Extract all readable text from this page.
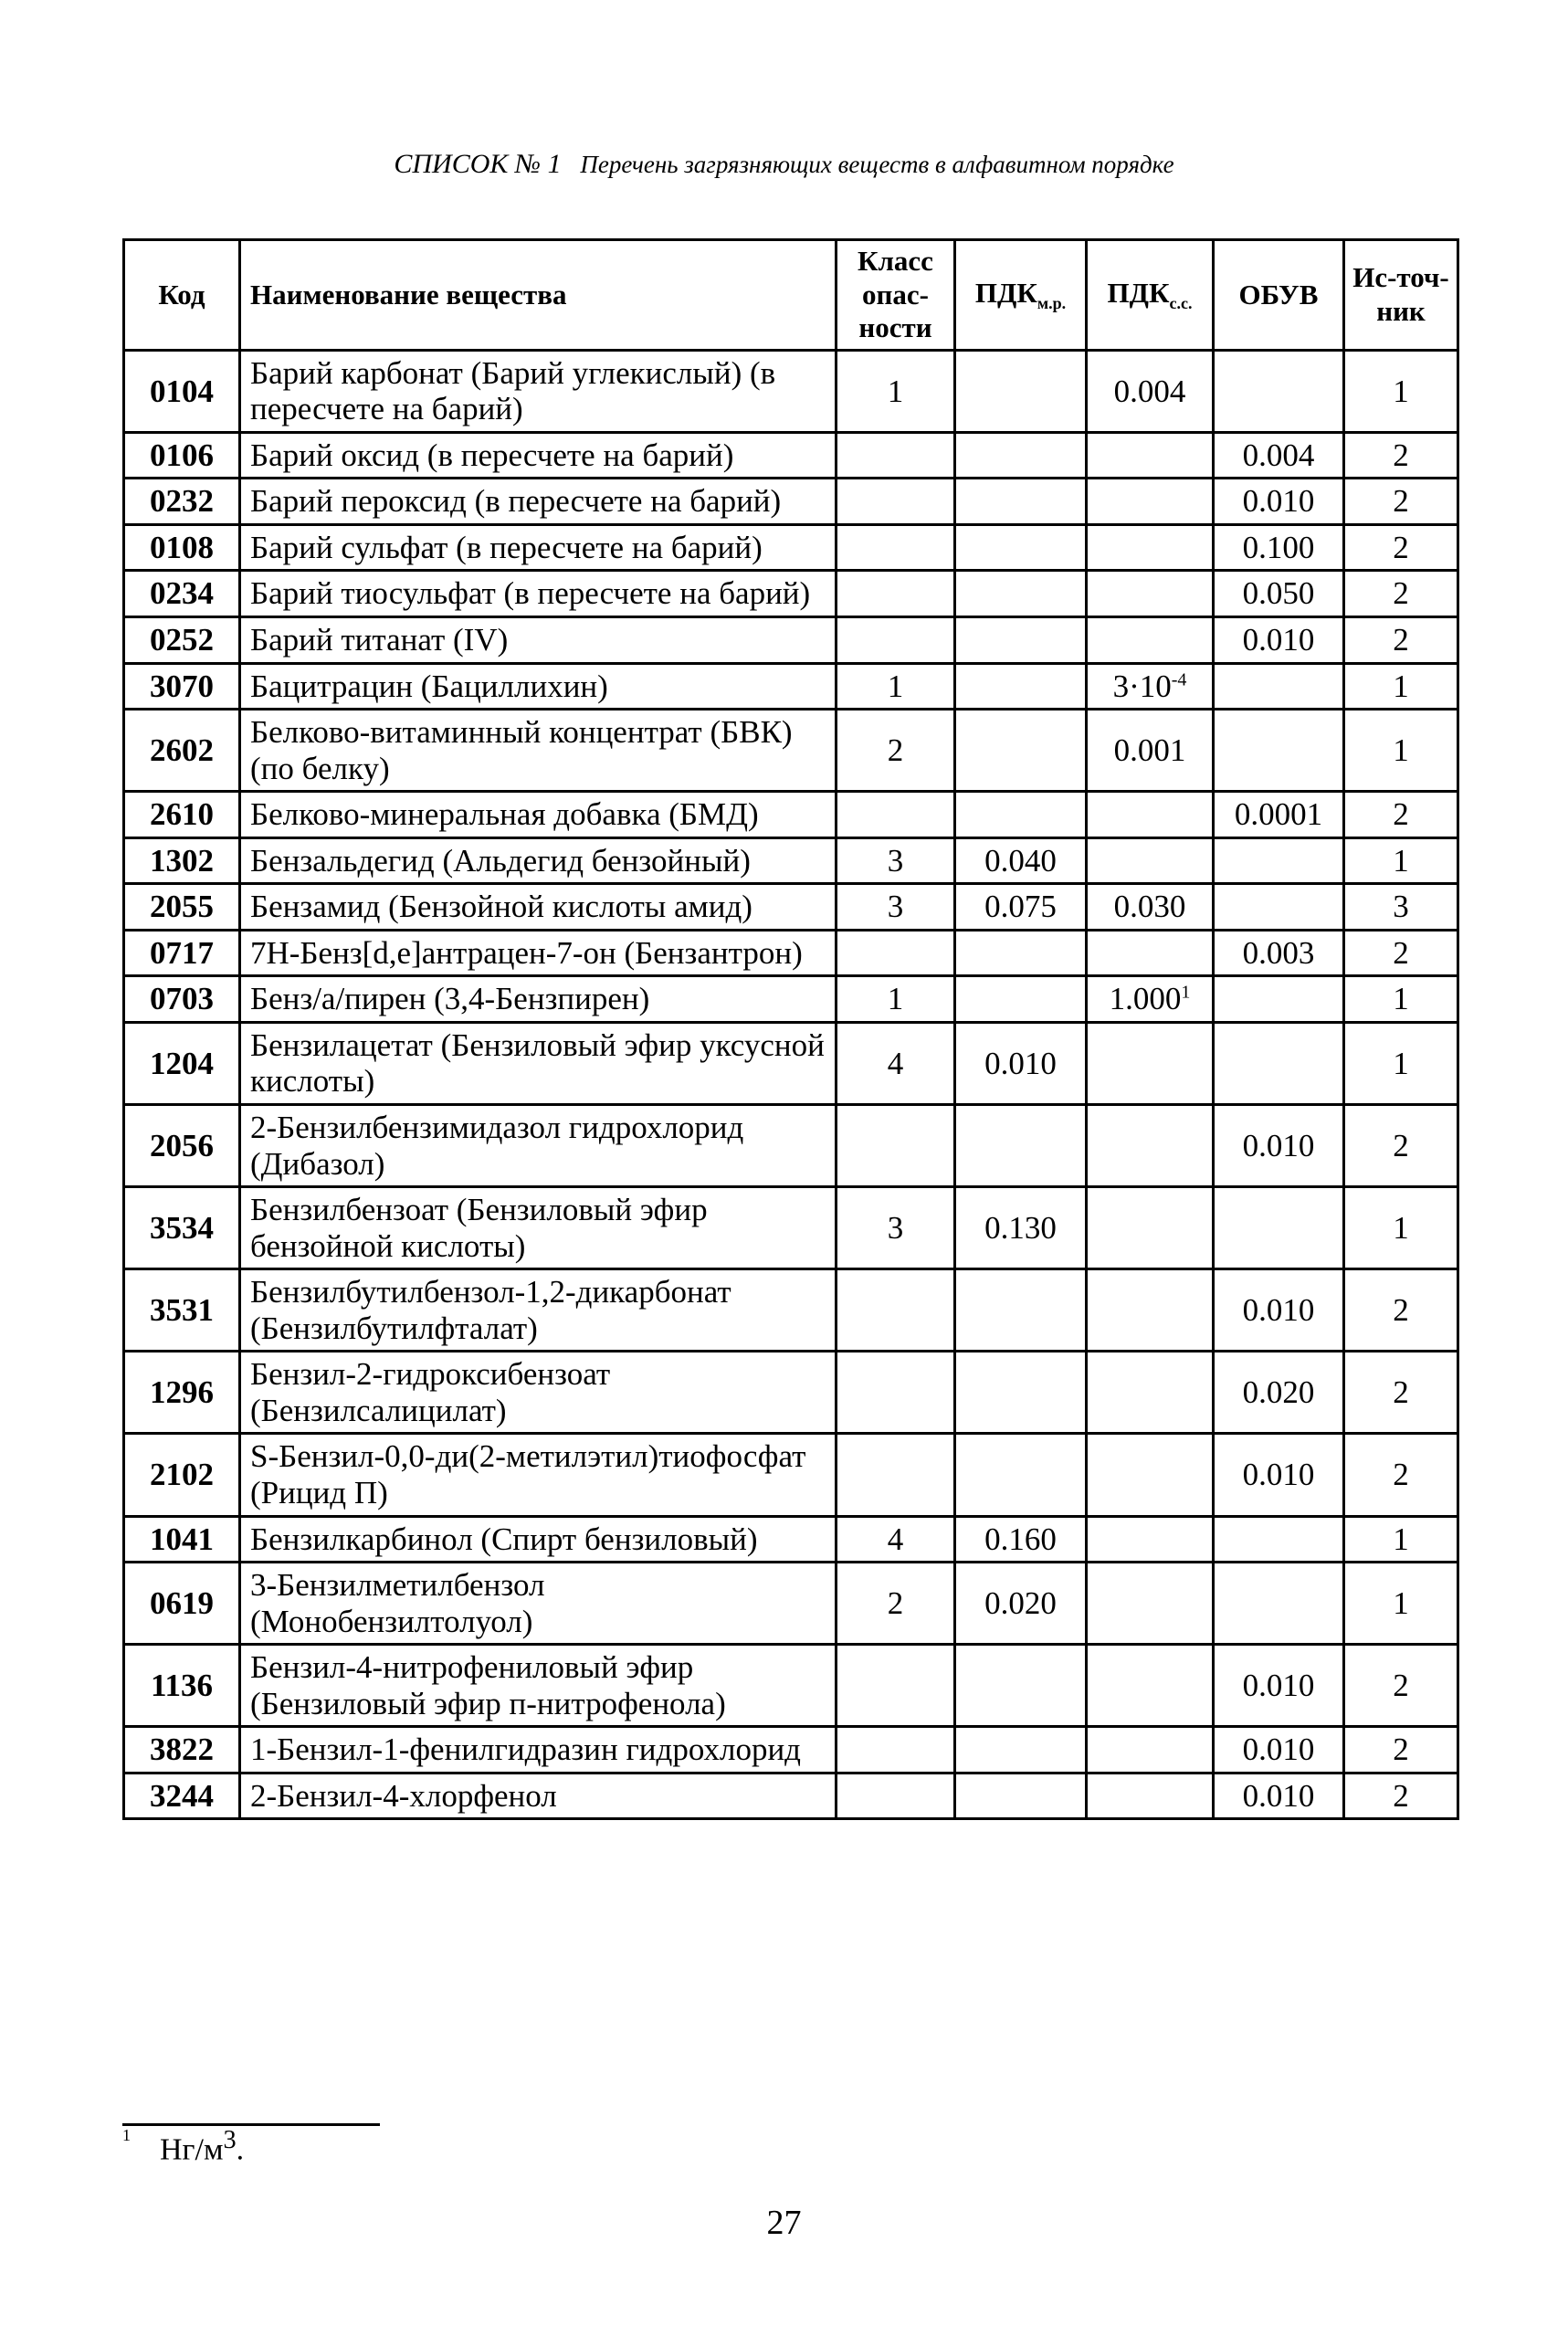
СПИСОК № 1 Перечень загрязняющих веществ в алфавитном порядке
Код	Наименование вещества	Класс опас-ности	$ПДК_{м.р.}$	$ПДК_{с.с.}$	ОБУВ	Ис-точ-ник
0104	Барий карбонат (Барий углекислый) (в пересчете на барий)	1		0.004		1
0106	Барий оксид (в пересчете на барий)				0.004	2
0232	Барий пероксид (в пересчете на барий)				0.010	2
0108	Барий сульфат (в пересчете на барий)				0.100	2
0234	Барий тиосульфат (в пересчете на барий)				0.050	2
0252	Барий титанат (IV)				0.010	2
3070	Бацитрацин (Бациллихин)	1		$3\cdot 10^{-4}$		1
2602	Белково-витаминный концентрат (БВК) (по белку)	2		0.001		1
2610	Белково-минеральная добавка (БМД)				0.0001	2
1302	Бензальдегид (Альдегид бензойный)	3	0.040			1
2055	Бензамид (Бензойной кислоты амид)	3	0.075	0.030		3
0717	7Н-Бенз[d,е]антрацен-7-он (Бензантрон)				0.003	2
0703	Бенз/а/пирен (3,4-Бензпирен)	1		1.000$^1$		1
1204	Бензилацетат (Бензиловый эфир уксусной кислоты)	4	0.010			1
2056	2-Бензилбензимидазол гидрохлорид (Дибазол)				0.010	2
3534	Бензилбензоат (Бензиловый эфир бензойной кислоты)	3	0.130			1
3531	Бензилбутилбензол-1,2-дикарбонат (Бензилбутилфталат)				0.010	2
1296	Бензил-2-гидроксибензоат (Бензилсалицилат)				0.020	2
2102	S-Бензил-0,0-ди(2-метилэтил)тиофосфат (Рицид П)				0.010	2
1041	Бензилкарбинол (Спирт бензиловый)	4	0.160			1
0619	3-Бензилметилбензол (Монобензилтолуол)	2	0.020			1
1136	Бензил-4-нитрофениловый эфир (Бензиловый эфир п-нитрофенола)				0.010	2
3822	1-Бензил-1-фенилгидразин гидрохлорид				0.010	2
3244	2-Бензил-4-хлорфенол				0.010	2
$^1$ $Нг/м^3$.
27
